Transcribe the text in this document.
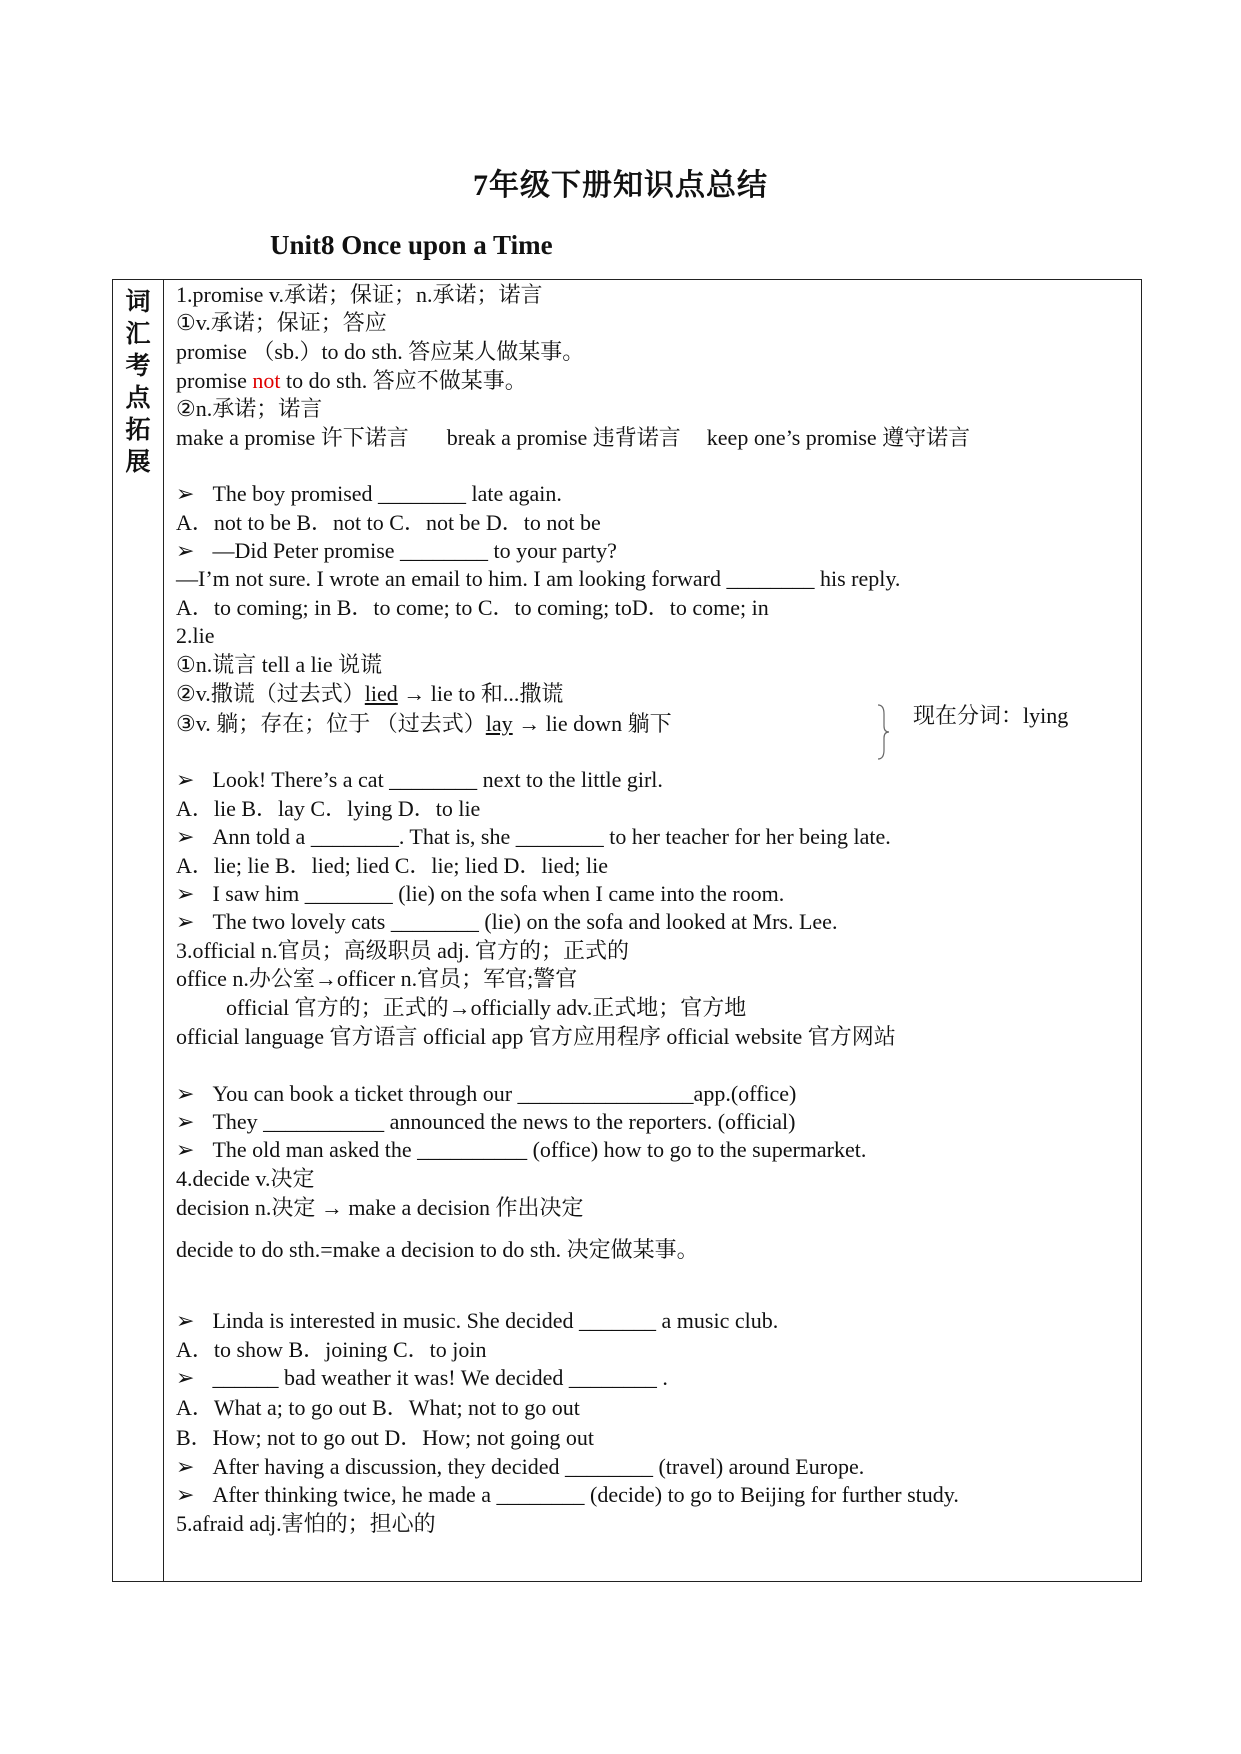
7年级下册知识点总结
Unit8 Once upon a Time
词
汇
考
点
拓
展
1.promise v.承诺；保证；n.承诺；诺言
①v.承诺；保证；答应
promise （sb.）to do sth. 答应某人做某事。
promise not to do sth. 答应不做某事。
②n.承诺；诺言
make a promise 许下诺言 break a promise 违背诺言 keep one’s promise 遵守诺言
➢ The boy promised ________ late again.
A．not to be B．not to C．not be D．to not be
➢ —Did Peter promise ________ to your party?
—I’m not sure. I wrote an email to him. I am looking forward ________ his reply.
A．to coming; in B．to come; to C．to coming; toD．to come; in
2.lie
①n.谎言 tell a lie 说谎
②v.撒谎（过去式）lied → lie to 和...撒谎
③v. 躺；存在；位于 （过去式）lay → lie down 躺下	现在分词：lying
➢ Look! There’s a cat ________ next to the little girl.
A．lie B．lay C．lying D．to lie
➢ Ann told a ________. That is, she ________ to her teacher for her being late.
A．lie; lie B．lied; lied C．lie; lied D．lied; lie
➢ I saw him ________ (lie) on the sofa when I came into the room.
➢ The two lovely cats ________ (lie) on the sofa and looked at Mrs. Lee.
3.official n.官员；高级职员 adj. 官方的；正式的
office n.办公室→officer n.官员；军官;警官
official 官方的；正式的→officially adv.正式地；官方地
official language 官方语言 official app 官方应用程序 official website 官方网站
➢ You can book a ticket through our ________________app.(office)
➢ They ___________ announced the news to the reporters. (official)
➢ The old man asked the __________ (office) how to go to the supermarket.
4.decide v.决定
decision n.决定 → make a decision 作出决定
decide to do sth.=make a decision to do sth. 决定做某事。
➢ Linda is interested in music. She decided _______ a music club.
A．to show B．joining C．to join
➢ ______ bad weather it was! We decided ________ .
A．What a; to go out B．What; not to go out
B．How; not to go out D．How; not going out
➢ After having a discussion, they decided ________ (travel) around Europe.
➢ After thinking twice, he made a ________ (decide) to go to Beijing for further study.
5.afraid adj.害怕的；担心的
